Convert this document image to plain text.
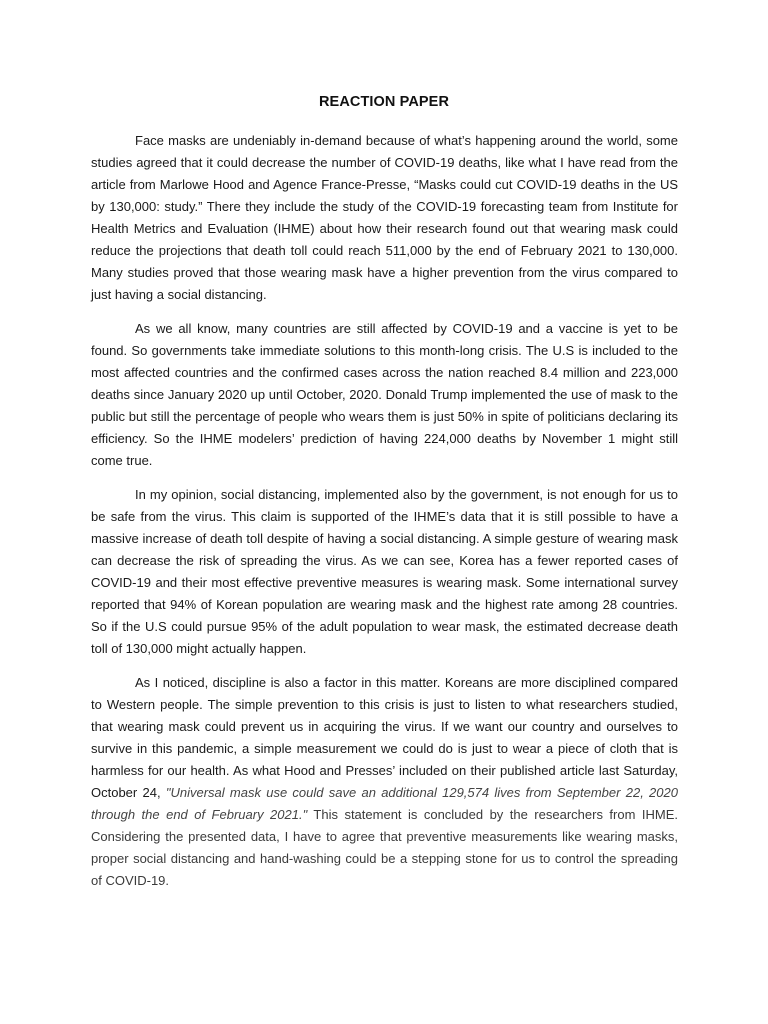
REACTION PAPER

Face masks are undeniably in-demand because of what’s happening around the world, some studies agreed that it could decrease the number of COVID-19 deaths, like what I have read from the article from Marlowe Hood and Agence France-Presse, “Masks could cut COVID-19 deaths in the US by 130,000: study.” There they include the study of the COVID-19 forecasting team from Institute for Health Metrics and Evaluation (IHME) about how their research found out that wearing mask could reduce the projections that death toll could reach 511,000 by the end of February 2021 to 130,000. Many studies proved that those wearing mask have a higher prevention from the virus compared to just having a social distancing.

As we all know, many countries are still affected by COVID-19 and a vaccine is yet to be found. So governments take immediate solutions to this month-long crisis. The U.S is included to the most affected countries and the confirmed cases across the nation reached 8.4 million and 223,000 deaths since January 2020 up until October, 2020. Donald Trump implemented the use of mask to the public but still the percentage of people who wears them is just 50% in spite of politicians declaring its efficiency. So the IHME modelers’ prediction of having 224,000 deaths by November 1 might still come true.

In my opinion, social distancing, implemented also by the government, is not enough for us to be safe from the virus. This claim is supported of the IHME’s data that it is still possible to have a massive increase of death toll despite of having a social distancing. A simple gesture of wearing mask can decrease the risk of spreading the virus. As we can see, Korea has a fewer reported cases of COVID-19 and their most effective preventive measures is wearing mask. Some international survey reported that 94% of Korean population are wearing mask and the highest rate among 28 countries. So if the U.S could pursue 95% of the adult population to wear mask, the estimated decrease death toll of 130,000 might actually happen.

As I noticed, discipline is also a factor in this matter. Koreans are more disciplined compared to Western people. The simple prevention to this crisis is just to listen to what researchers studied, that wearing mask could prevent us in acquiring the virus. If we want our country and ourselves to survive in this pandemic, a simple measurement we could do is just to wear a piece of cloth that is harmless for our health. As what Hood and Presses’ included on their published article last Saturday, October 24, "Universal mask use could save an additional 129,574 lives from September 22, 2020 through the end of February 2021." This statement is concluded by the researchers from IHME. Considering the presented data, I have to agree that preventive measurements like wearing masks, proper social distancing and hand-washing could be a stepping stone for us to control the spreading of COVID-19.
